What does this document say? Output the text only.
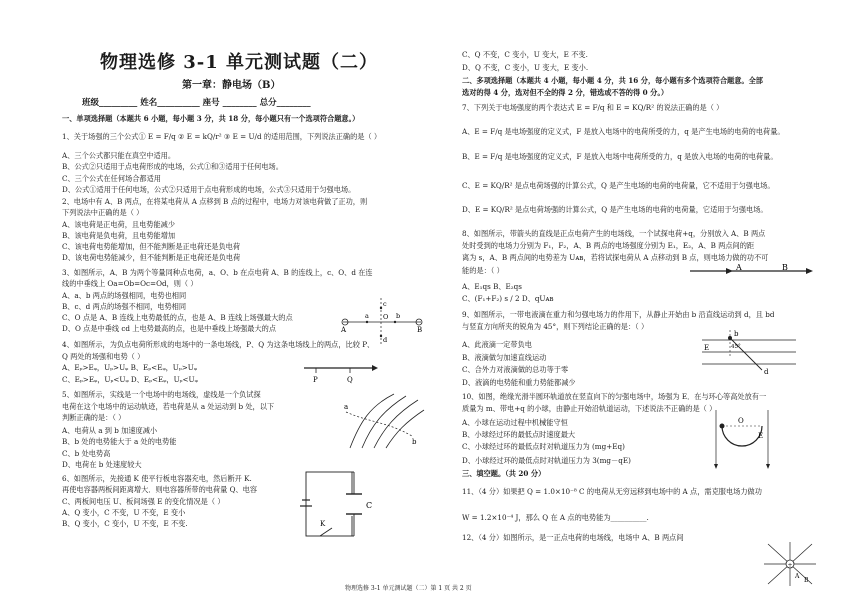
物理选修 3-1 单元测试题（二）
第一章：静电场（B）
班级_________ 姓名__________ 座号 ________ 总分________
一、单项选择题（本题共 6 小题，每小题 3 分，共 18 分，每小题只有一个选项符合题意。）
1、关于场强的三个公式① E = F/q ② E = kQ/r² ③ E = U/d 的适用范围，下列说法正确的是（ ）
A、三个公式都只能在真空中适用。
B、公式②只适用于点电荷形成的电场，公式①和③适用于任何电场。
C、三个公式在任何场合都适用
D、公式①适用于任何电场，公式②只适用于点电荷形成的电场，公式③只适用于匀强电场。
2、电场中有 A、B 两点，在将某电荷从 A 点移到 B 点的过程中，电场力对该电荷做了正功，则
下列说法中正确的是（ ）
A、该电荷是正电荷，且电势能减少
B、该电荷是负电荷，且电势能增加
C、该电荷电势能增加，但不能判断是正电荷还是负电荷
D、该电荷电势能减少，但不能判断是正电荷还是负电荷
3、如图所示，A、B 为两个等量同种点电荷，a、O、b 在点电荷 A、B 的连线上，c、O、d 在连
线的中垂线上 Oa=Ob=Oc=Od，则（ ）
A、a、b 两点的场强相同，电势也相同
B、c、d 两点的场强不相同，电势相同
C、O 点是 A、B 连线上电势最低的点，也是 A、B 连线上场强最大的点
D、O 点是中垂线 cd 上电势最高的点，也是中垂线上场强最大的点
4、如图所示，为负点电荷所形成的电场中的一条电场线，P、Q 为这条电场线上的两点，比较 P、
Q 两处的场强和电势（ ）
A、Eₚ>Eᵩ，Uₚ>Uᵩ B、Eₚ<Eᵩ，Uₚ>Uᵩ
C、Eₚ>Eᵩ，Uₚ<Uᵩ D、Eₚ<Eᵩ，Uₚ<Uᵩ
5、如图所示，实线是一个电场中的电场线，虚线是一个负试探
电荷在这个电场中的运动轨迹，若电荷是从 a 处运动到 b 处，以下
判断正确的是：（ ）
A、电荷从 a 到 b 加速度减小
B、b 处的电势能大于 a 处的电势能
C、b 处电势高
D、电荷在 b 处速度较大
6、如图所示，先接通 K 使平行板电容器充电，然后断开 K.
再使电容器两板间距离增大．则电容器所带的电荷量 Q、电容
C、两板间电压 U、板间场强 E 的变化情况是（ ）
A、Q 变小，C 不变，U 不变，E 变小
B、Q 变小，C 变小，U 不变，E 不变.
C、Q 不变，C 变小，U 变大，E 不变.
D、Q 不变，C 变小，U 变大，E 变小.
二、多项选择题（本题共 4 小题，每小题 4 分，共 16 分，每小题有多个选项符合题意。全部
选对的得 4 分，选对但不全的得 2 分，错选或不答的得 0 分。）
7、下列关于电场强度的两个表达式 E = F/q 和 E = KQ/R² 的说法正确的是（ ）
A、E = F/q 是电场强度的定义式，F 是放入电场中的电荷所受的力，q 是产生电场的电荷的电荷量。
B、E = F/q 是电场强度的定义式，F 是放入电场中电荷所受的力，q 是放入电场的电荷的电荷量。
C、E = KQ/R² 是点电荷场强的计算公式，Q 是产生电场的电荷的电荷量，它不适用于匀强电场。
D、E = KQ/R² 是点电荷场强的计算公式，Q 是产生电场的电荷的电荷量，它适用于匀强电场。
8、如图所示，带箭头的直线是正点电荷产生的电场线，一个试探电荷+q，分别放入 A、B 两点
处时受到的电场力分别为 F₁，F₂，A、B 两点的电场强度分别为 E₁，E₂，A、B 两点间的距
离为 s，A、B 两点间的电势差为 Uᴀʙ，若将试探电荷从 A 点移动到 B 点，则电场力做的功不可
能的是：（ ）
A、E₁qs B、E₂qs
C、(F₁+F₂) s / 2 D、qUᴀʙ
9、如图所示，一带电液滴在重力和匀强电场力的作用下，从静止开始由 b 沿直线运动到 d，且 bd
与竖直方向所夹的锐角为 45°，则下列结论正确的是：（ ）
A、此液滴一定带负电
B、液滴做匀加速直线运动
C、合外力对液滴做的总功等于零
D、液滴的电势能和重力势能都减少
10、如图，绝缘光滑半圆环轨道放在竖直向下的匀强电场中，场强为 E．在与环心等高处放有一
质量为 m、带电+q 的小球，由静止开始沿轨道运动，下述说法不正确的是（ ）
A、小球在运动过程中机械能守恒
B、小球经过环的最低点时速度最大
C、小球经过环的最低点时对轨道压力为 (mg+Eq)
D、小球经过环的最低点时对轨道压力为 3(mg－qE)
三、填空题。（共 20 分）
11、（4 分）如果把 Q = 1.0×10⁻⁸ C 的电荷从无穷远移到电场中的 A 点，需克服电场力做功
W = 1.2×10⁻⁴ J，那么 Q 在 A 点的电势能为__________.
12、（4 分）如图所示，是一正点电荷的电场线，电场中 A、B 两点间
A	B
a	b
c
d
O
P	Q
a
b
C
K
A	B
b
d
E	45°
O
E
+
A
B
物理选修 3-1 单元测试题（二）第 1 页 共 2 页
